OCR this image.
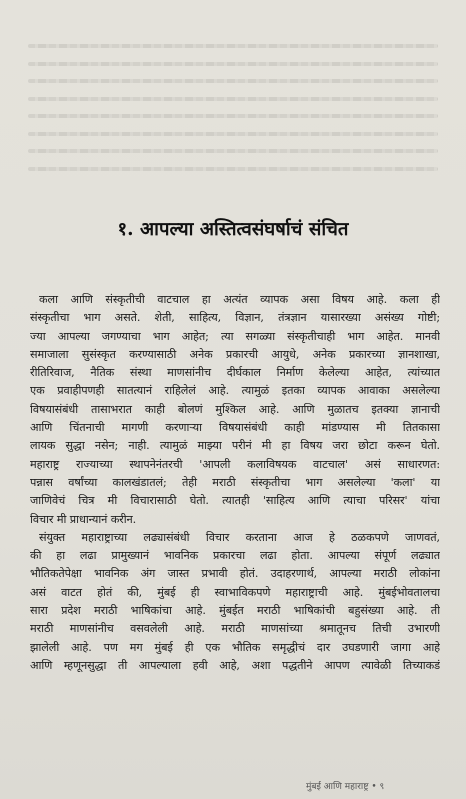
१. आपल्या अस्तित्वसंघर्षाचं संचित
कला आणि संस्कृतीची वाटचाल हा अत्यंत व्यापक असा विषय आहे. कला ही
संस्कृतीचा भाग असते. शेती, साहित्य, विज्ञान, तंत्रज्ञान यासारख्या असंख्य गोष्टी;
ज्या आपल्या जगण्याचा भाग आहेत; त्या सगळ्या संस्कृतीचाही भाग आहेत. मानवी
समाजाला सुसंस्कृत करण्यासाठी अनेक प्रकारची आयुधे, अनेक प्रकारच्या ज्ञानशाखा,
रीतिरिवाज, नैतिक संस्था माणसांनीच दीर्घकाल निर्माण केलेल्या आहेत, त्यांच्यात
एक प्रवाहीपणही सातत्यानं राहिलेलं आहे. त्यामुळं इतका व्यापक आवाका असलेल्या
विषयासंबंधी तासाभरात काही बोलणं मुश्किल आहे. आणि मुळातच इतक्या ज्ञानाची
आणि चिंतनाची मागणी करणाऱ्या विषयासंबंधी काही मांडण्यास मी तितकासा
लायक सुद्धा नसेन; नाही. त्यामुळं माझ्या परीनं मी हा विषय जरा छोटा करून घेतो.
महाराष्ट्र राज्याच्या स्थापनेनंतरची 'आपली कलाविषयक वाटचाल' असं साधारणत:
पन्नास वर्षांच्या कालखंडातलं; तेही मराठी संस्कृतीचा भाग असलेल्या 'कला' या
जाणिवेचं चित्र मी विचारासाठी घेतो. त्यातही 'साहित्य आणि त्याचा परिसर' यांचा
विचार मी प्राधान्यानं करीन.
संयुक्त महाराष्ट्राच्या लढ्यासंबंधी विचार करताना आज हे ठळकपणे जाणवतं,
की हा लढा प्रामुख्यानं भावनिक प्रकारचा लढा होता. आपल्या संपूर्ण लढ्यात
भौतिकतेपेक्षा भावनिक अंग जास्त प्रभावी होतं. उदाहरणार्थ, आपल्या मराठी लोकांना
असं वाटत होतं की, मुंबई ही स्वाभाविकपणे महाराष्ट्राची आहे. मुंबईभोवतालचा
सारा प्रदेश मराठी भाषिकांचा आहे. मुंबईत मराठी भाषिकांची बहुसंख्या आहे. ती
मराठी माणसांनीच वसवलेली आहे. मराठी माणसांच्या श्रमातूनच तिची उभारणी
झालेली आहे. पण मग मुंबई ही एक भौतिक समृद्धीचं दार उघडणारी जागा आहे
आणि म्हणूनसुद्धा ती आपल्याला हवी आहे, अशा पद्धतीने आपण त्यावेळी तिच्याकडं
मुंबई आणि महाराष्ट्र • ९
